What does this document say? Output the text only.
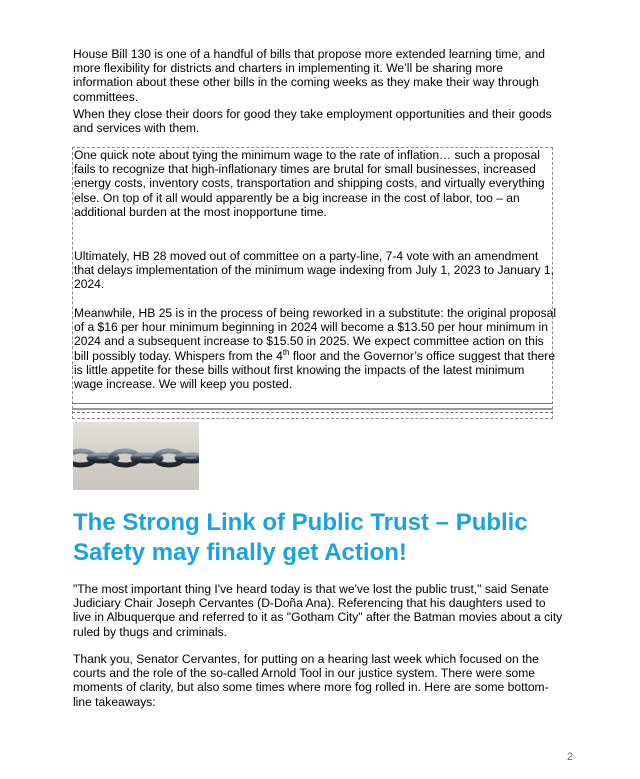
House Bill 130 is one of a handful of bills that propose more extended learning time, and more flexibility for districts and charters in implementing it. We’ll be sharing more information about these other bills in the coming weeks as they make their way through committees.

When they close their doors for good they take employment opportunities and their goods and services with them.

One quick note about tying the minimum wage to the rate of inflation… such a proposal fails to recognize that high-inflationary times are brutal for small businesses, increased energy costs, inventory costs, transportation and shipping costs, and virtually everything else. On top of it all would apparently be a big increase in the cost of labor, too – an additional burden at the most inopportune time.

Ultimately, HB 28 moved out of committee on a party-line, 7-4 vote with an amendment that delays implementation of the minimum wage indexing from July 1, 2023 to January 1, 2024.

Meanwhile, HB 25 is in the process of being reworked in a substitute: the original proposal of a $16 per hour minimum beginning in 2024 will become a $13.50 per hour minimum in 2024 and a subsequent increase to $15.50 in 2025. We expect committee action on this bill possibly today. Whispers from the 4th floor and the Governor’s office suggest that there is little appetite for these bills without first knowing the impacts of the latest minimum wage increase. We will keep you posted.

The Strong Link of Public Trust – Public Safety may finally get Action!

"The most important thing I've heard today is that we've lost the public trust," said Senate Judiciary Chair Joseph Cervantes (D-Doña Ana). Referencing that his daughters used to live in Albuquerque and referred to it as "Gotham City" after the Batman movies about a city ruled by thugs and criminals.

Thank you, Senator Cervantes, for putting on a hearing last week which focused on the courts and the role of the so-called Arnold Tool in our justice system. There were some moments of clarity, but also some times where more fog rolled in. Here are some bottom-line takeaways:

2
